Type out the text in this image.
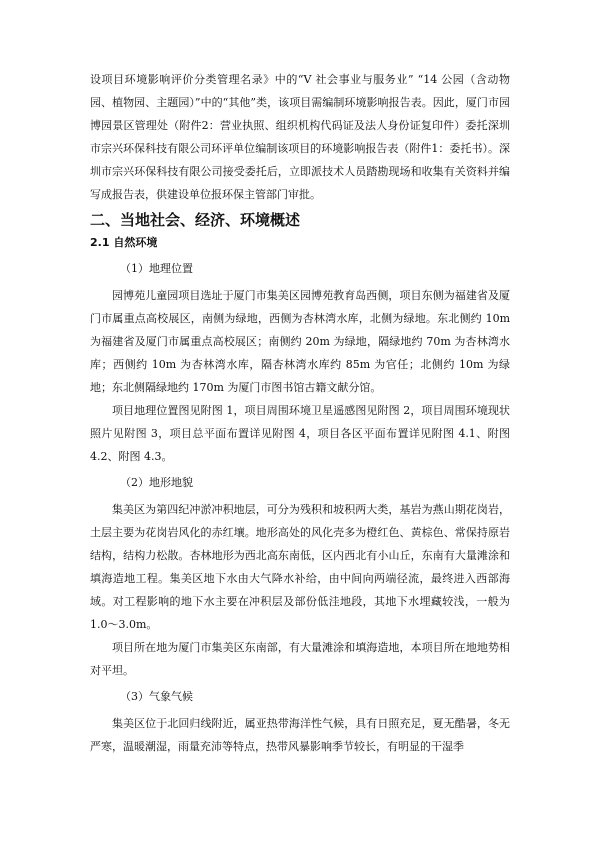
设项目环境影响评价分类管理名录》中的“V 社会事业与服务业” “14 公园（含动物园、植物园、主题园）”中的“其他”类，该项目需编制环境影响报告表。因此，厦门市园博园景区管理处（附件2：营业执照、组织机构代码证及法人身份证复印件）委托深圳市宗兴环保科技有限公司环评单位编制该项目的环境影响报告表（附件1：委托书）。深圳市宗兴环保科技有限公司接受委托后，立即派技术人员踏勘现场和收集有关资料并编写成报告表，供建设单位报环保主管部门审批。

二、当地社会、经济、环境概述
2.1 自然环境
（1）地理位置

园博苑儿童园项目选址于厦门市集美区园博苑教育岛西侧，项目东侧为福建省及厦门市属重点高校展区，南侧为绿地，西侧为杏林湾水库，北侧为绿地。东北侧约 10m 为福建省及厦门市属重点高校展区；南侧约 20m 为绿地，隔绿地约 70m 为杏林湾水库；西侧约 10m 为杏林湾水库，隔杏林湾水库约 85m 为官任；北侧约 10m 为绿地；东北侧隔绿地约 170m 为厦门市图书馆古籍文献分馆。

项目地理位置图见附图 1，项目周围环境卫星遥感图见附图 2，项目周围环境现状照片见附图 3，项目总平面布置详见附图 4，项目各区平面布置详见附图 4.1、附图 4.2、附图 4.3。

（2）地形地貌

集美区为第四纪冲淤冲积地层，可分为残积和坡积两大类，基岩为燕山期花岗岩，土层主要为花岗岩风化的赤红壤。地形高处的风化壳多为橙红色、黄棕色、常保持原岩结构，结构力松散。杏林地形为西北高东南低，区内西北有小山丘，东南有大量滩涂和填海造地工程。集美区地下水由大气降水补给，由中间向两端径流，最终进入西部海域。对工程影响的地下水主要在冲积层及部份低洼地段，其地下水埋藏较浅，一般为 1.0～3.0m。

项目所在地为厦门市集美区东南部，有大量滩涂和填海造地，本项目所在地地势相对平坦。

（3）气象气候

集美区位于北回归线附近，属亚热带海洋性气候，具有日照充足，夏无酷暑，冬无严寒，温暖潮湿，雨量充沛等特点，热带风暴影响季节较长，有明显的干湿季
